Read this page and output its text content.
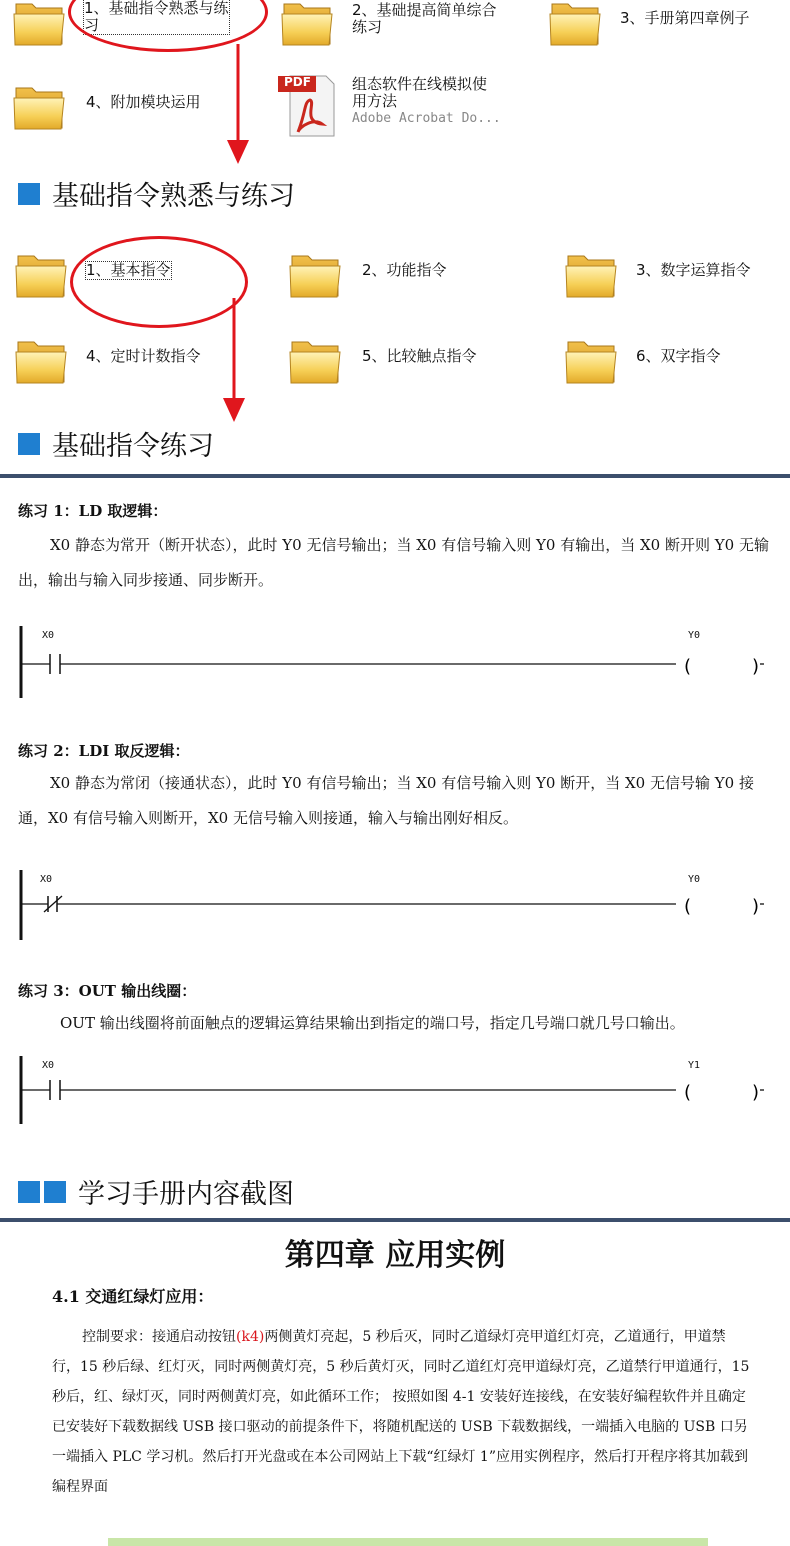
1、基础指令熟悉与练
习
2、基础提高简单综合
练习	3、手册第四章例子
4、附加模块运用
PDF	组态软件在线模拟使
用方法
Adobe Acrobat Do...
基础指令熟悉与练习
1、基本指令	2、功能指令	3、数字运算指令
4、定时计数指令	5、比较触点指令	6、双字指令
基础指令练习
练习 1：LD 取逻辑：
X0 静态为常开（断开状态），此时 Y0 无信号输出；当 X0 有信号输入则 Y0 有输出，当 X0 断开则 Y0 无输出，输出与输入同步接通、同步断开。
(	)
X0	Y0
练习 2：LDI 取反逻辑：
X0 静态为常闭（接通状态），此时 Y0 有信号输出；当 X0 有信号输入则 Y0 断开，当 X0 无信号输 Y0 接通，X0 有信号输入则断开，X0 无信号输入则接通，输入与输出刚好相反。
(	)
X0	Y0
练习 3：OUT 输出线圈：
OUT 输出线圈将前面触点的逻辑运算结果输出到指定的端口号，指定几号端口就几号口输出。
(	)
X0	Y1
学习手册内容截图
第四章 应用实例
4.1 交通红绿灯应用：
控制要求：接通启动按钮(k4)两侧黄灯亮起，5 秒后灭，同时乙道绿灯亮甲道红灯亮，乙道通行，甲道禁行，15 秒后绿、红灯灭，同时两侧黄灯亮，5 秒后黄灯灭，同时乙道红灯亮甲道绿灯亮，乙道禁行甲道通行，15 秒后，红、绿灯灭，同时两侧黄灯亮，如此循环工作； 按照如图 4-1 安装好连接线，在安装好编程软件并且确定已安装好下载数据线 USB 接口驱动的前提条件下，将随机配送的 USB 下载数据线，一端插入电脑的 USB 口另一端插入 PLC 学习机。然后打开光盘或在本公司网站上下载“红绿灯 1”应用实例程序，然后打开程序将其加载到编程界面
